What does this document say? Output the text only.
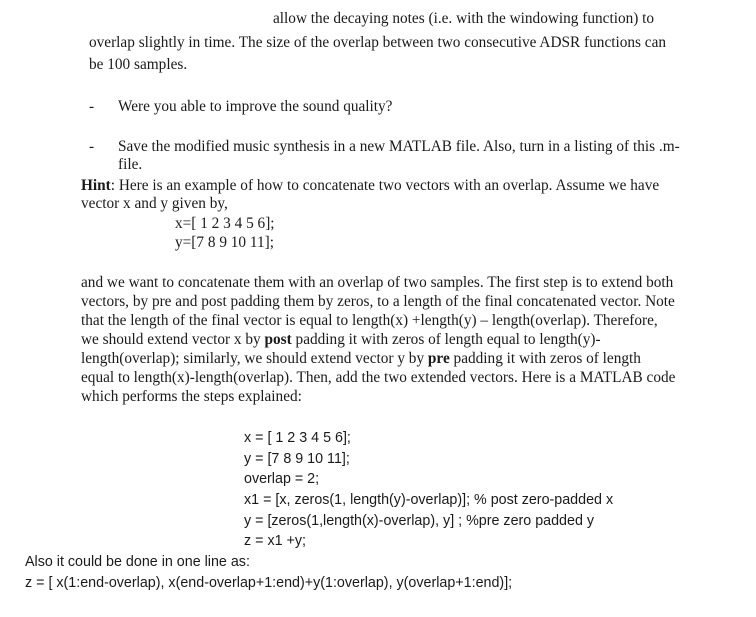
allow the decaying notes (i.e. with the windowing function) to
overlap slightly in time. The size of the overlap between two consecutive ADSR functions can
be 100 samples.
- Were you able to improve the sound quality?
- Save the modified music synthesis in a new MATLAB file. Also, turn in a listing of this .m-
file.
Hint: Here is an example of how to concatenate two vectors with an overlap. Assume we have
vector x and y given by,
x=[ 1 2 3 4 5 6];
y=[7 8 9 10 11];
and we want to concatenate them with an overlap of two samples. The first step is to extend both
vectors, by pre and post padding them by zeros, to a length of the final concatenated vector. Note
that the length of the final vector is equal to length(x) +length(y) – length(overlap). Therefore,
we should extend vector x by post padding it with zeros of length equal to length(y)-
length(overlap); similarly, we should extend vector y by pre padding it with zeros of length
equal to length(x)-length(overlap). Then, add the two extended vectors. Here is a MATLAB code
which performs the steps explained:
x = [ 1 2 3 4 5 6];
y = [7 8 9 10 11];
overlap = 2;
x1 = [x, zeros(1, length(y)-overlap)]; % post zero-padded x
y = [zeros(1,length(x)-overlap), y] ; %pre zero padded y
z = x1 +y;
Also it could be done in one line as:
z = [ x(1:end-overlap), x(end-overlap+1:end)+y(1:overlap), y(overlap+1:end)];
